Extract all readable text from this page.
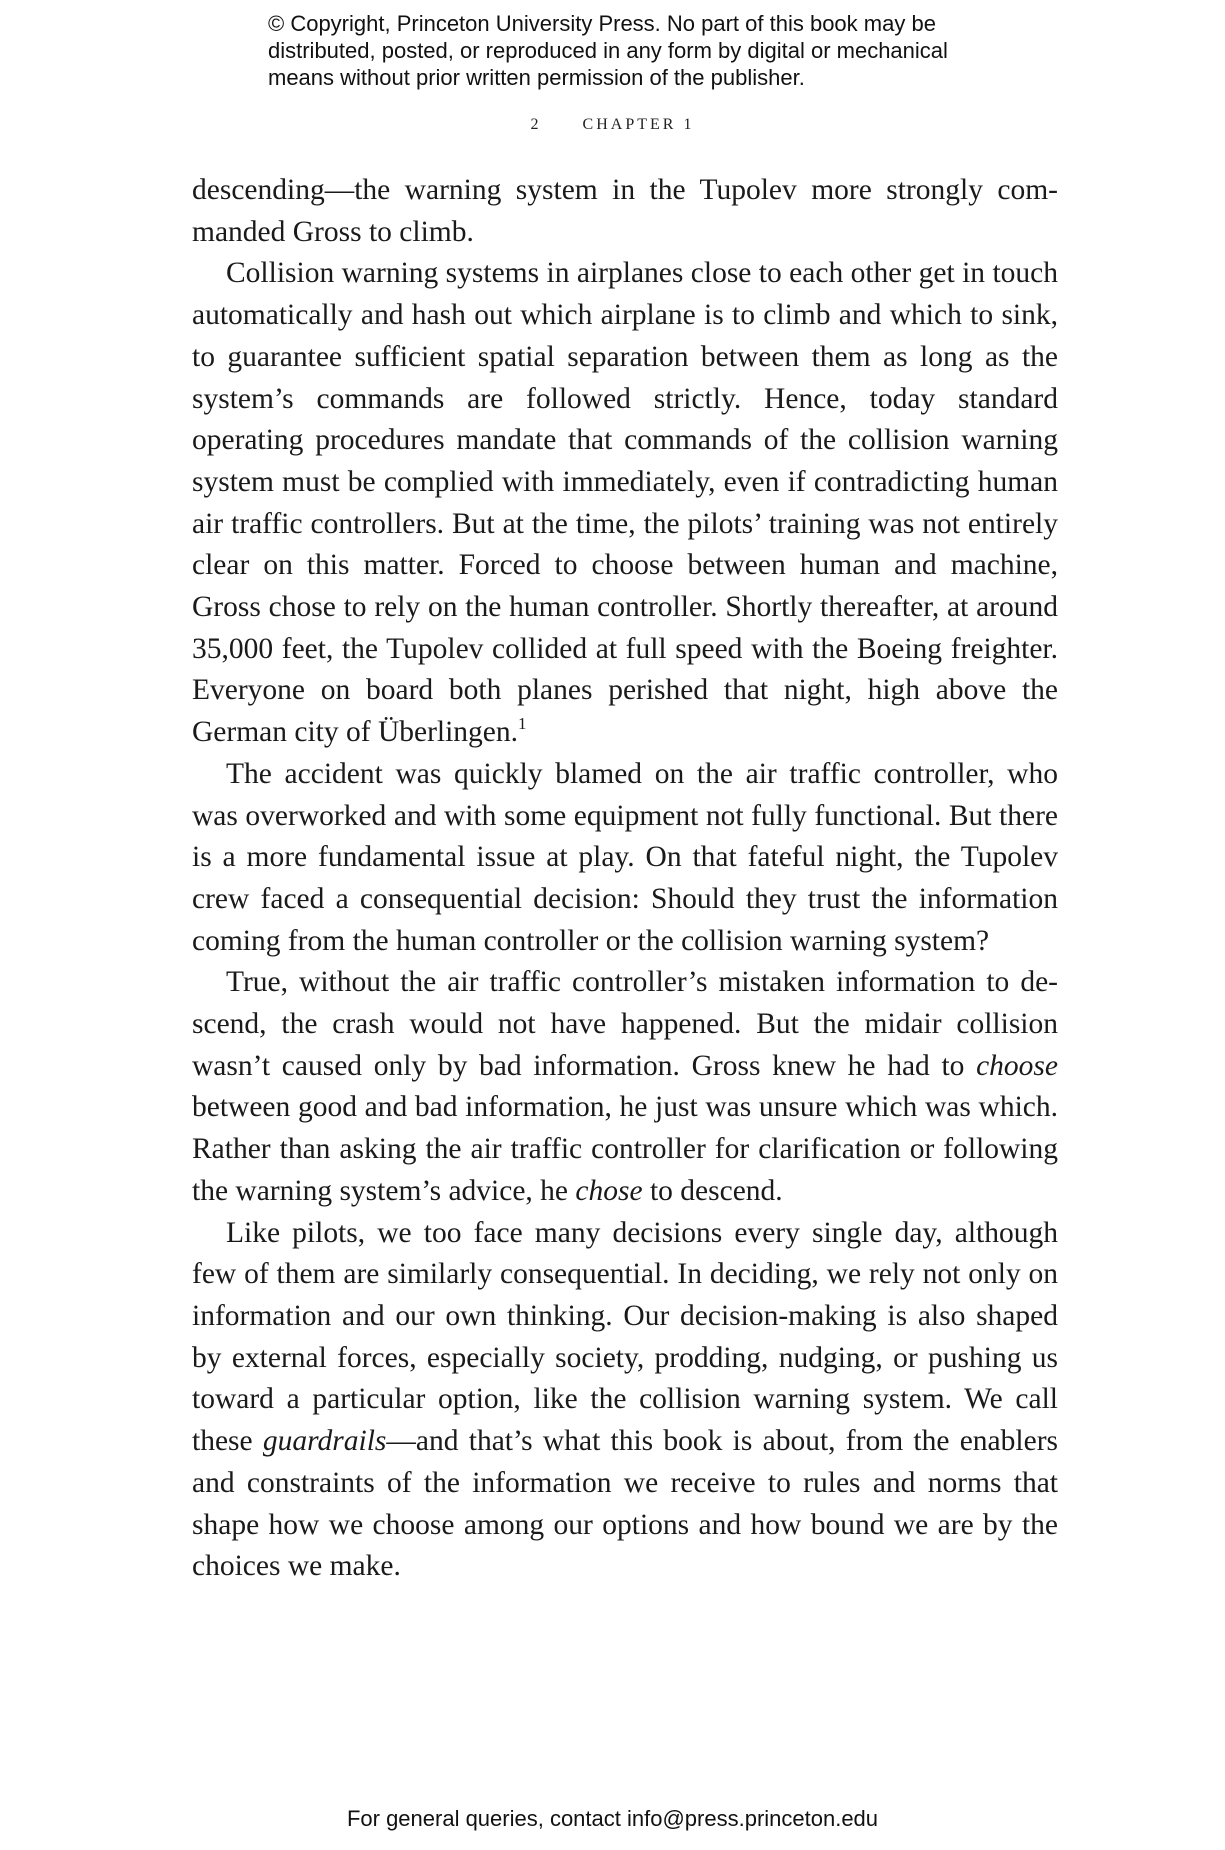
© Copyright, Princeton University Press. No part of this book may be
distributed, posted, or reproduced in any form by digital or mechanical
means without prior written permission of the publisher.
2	CHAPTER 1

descending—the warning system in the Tupolev more strongly commanded Gross to climb.

Collision warning systems in airplanes close to each other get in touch automatically and hash out which airplane is to climb and which to sink, to guarantee sufficient spatial separation between them as long as the system’s commands are followed strictly. Hence, today standard operating procedures mandate that commands of the collision warning system must be complied with immediately, even if contradicting human air traffic controllers. But at the time, the pilots’ training was not entirely clear on this matter. Forced to choose between human and machine, Gross chose to rely on the human controller. Shortly thereafter, at around 35,000 feet, the Tupolev collided at full speed with the Boeing freighter. Everyone on board both planes perished that night, high above the German city of Überlingen.$^1$

The accident was quickly blamed on the air traffic controller, who was overworked and with some equipment not fully functional. But there is a more fundamental issue at play. On that fateful night, the Tupolev crew faced a consequential decision: Should they trust the information coming from the human controller or the collision warning system?

True, without the air traffic controller’s mistaken information to descend, the crash would not have happened. But the midair collision wasn’t caused only by bad information. Gross knew he had to choose between good and bad information, he just was unsure which was which. Rather than asking the air traffic controller for clarification or following the warning system’s advice, he chose to descend.

Like pilots, we too face many decisions every single day, although few of them are similarly consequential. In deciding, we rely not only on information and our own thinking. Our decision-making is also shaped by external forces, especially society, prodding, nudging, or pushing us toward a particular option, like the collision warning system. We call these guardrails—and that’s what this book is about, from the enablers and constraints of the information we receive to rules and norms that shape how we choose among our options and how bound we are by the choices we make.

For general queries, contact info@press.princeton.edu
